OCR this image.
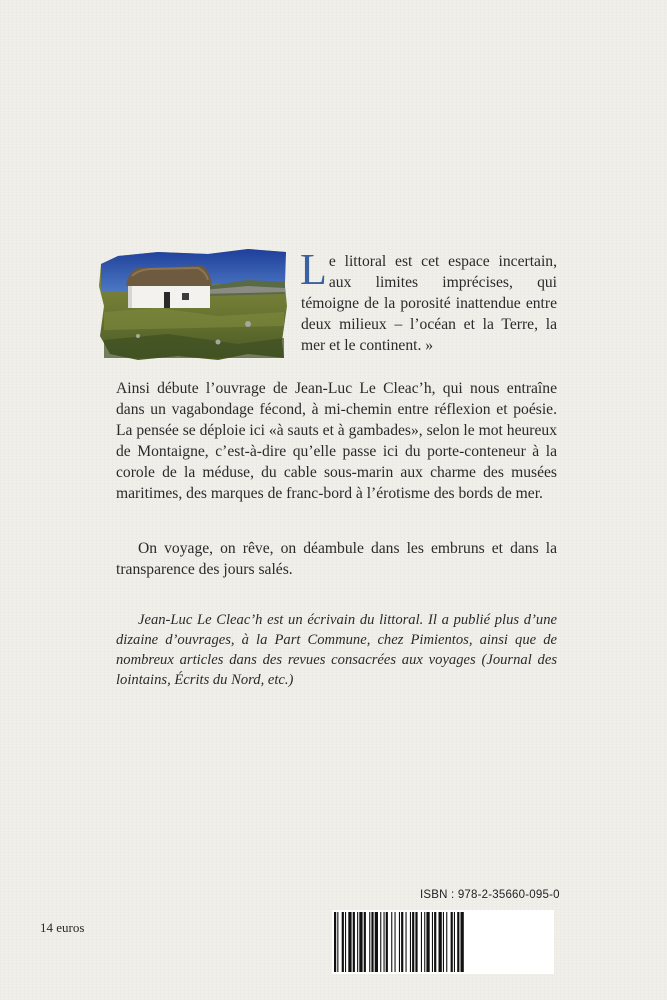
Le littoral est cet espace incertain, aux limites imprécises, qui témoigne de la porosité inattendue entre deux milieux – l’océan et la Terre, la mer et le continent. »

Ainsi débute l’ouvrage de Jean-Luc Le Cleac’h, qui nous entraîne dans un vagabondage fécond, à mi-chemin entre réflexion et poésie. La pensée se déploie ici «à sauts et à gambades», selon le mot heureux de Montaigne, c’est-à-dire qu’elle passe ici du porte-conteneur à la corole de la méduse, du cable sous-marin aux charme des musées maritimes, des marques de franc-bord à l’érotisme des bords de mer.

On voyage, on rêve, on déambule dans les embruns et dans la transparence des jours salés.

Jean-Luc Le Cleac’h est un écrivain du littoral. Il a publié plus d’une dizaine d’ouvrages, à la Part Commune, chez Pimientos, ainsi que de nombreux articles dans des revues consacrées aux voyages (Journal des lointains, Écrits du Nord, etc.)

14 euros

ISBN : 978-2-35660-095-0
